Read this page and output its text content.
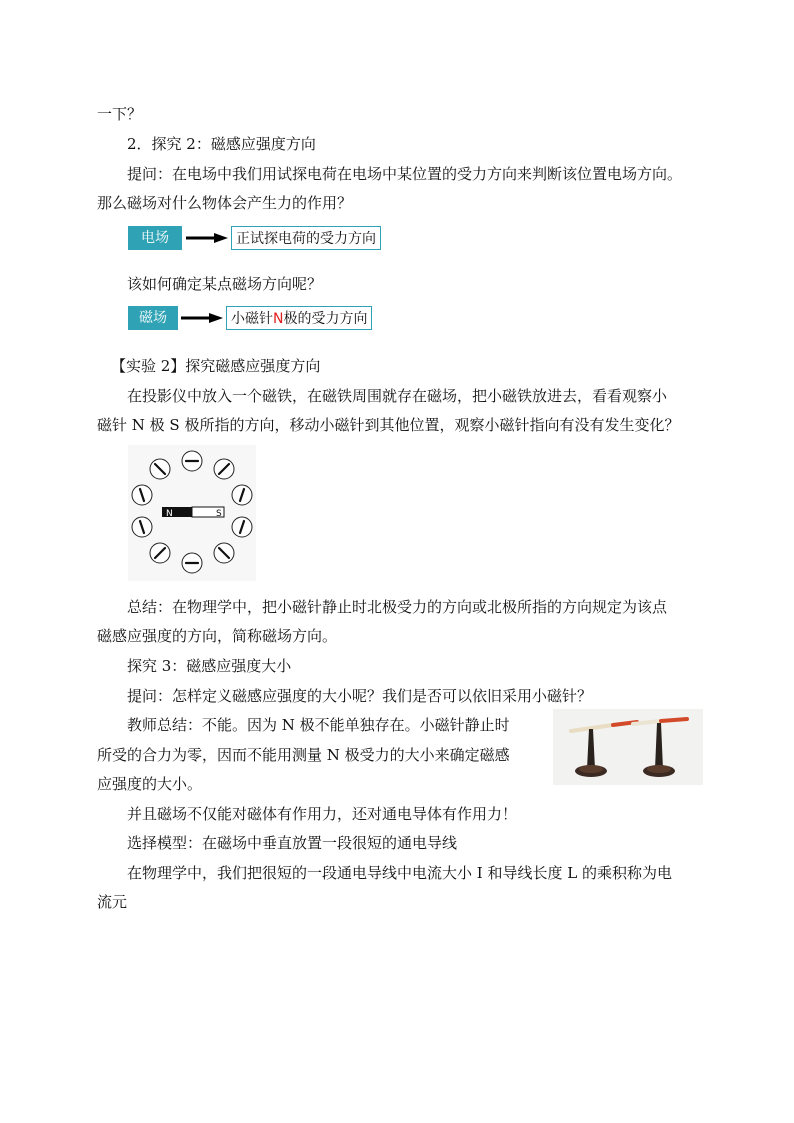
一下？
2．探究 2：磁感应强度方向
提问：在电场中我们用试探电荷在电场中某位置的受力方向来判断该位置电场方向。
那么磁场对什么物体会产生力的作用？
电场	正试探电荷的受力方向
该如何确定某点磁场方向呢？
磁场	小磁针N极的受力方向
【实验 2】探究磁感应强度方向
在投影仪中放入一个磁铁，在磁铁周围就存在磁场，把小磁铁放进去，看看观察小
磁针 N 极 S 极所指的方向，移动小磁针到其他位置，观察小磁针指向有没有发生变化？
N	S
总结：在物理学中，把小磁针静止时北极受力的方向或北极所指的方向规定为该点
磁感应强度的方向，简称磁场方向。
探究 3：磁感应强度大小
提问：怎样定义磁感应强度的大小呢？我们是否可以依旧采用小磁针？
教师总结：不能。因为 N 极不能单独存在。小磁针静止时
所受的合力为零，因而不能用测量 N 极受力的大小来确定磁感
应强度的大小。
并且磁场不仅能对磁体有作用力，还对通电导体有作用力！
选择模型：在磁场中垂直放置一段很短的通电导线
在物理学中，我们把很短的一段通电导线中电流大小 I 和导线长度 L 的乘积称为电
流元
